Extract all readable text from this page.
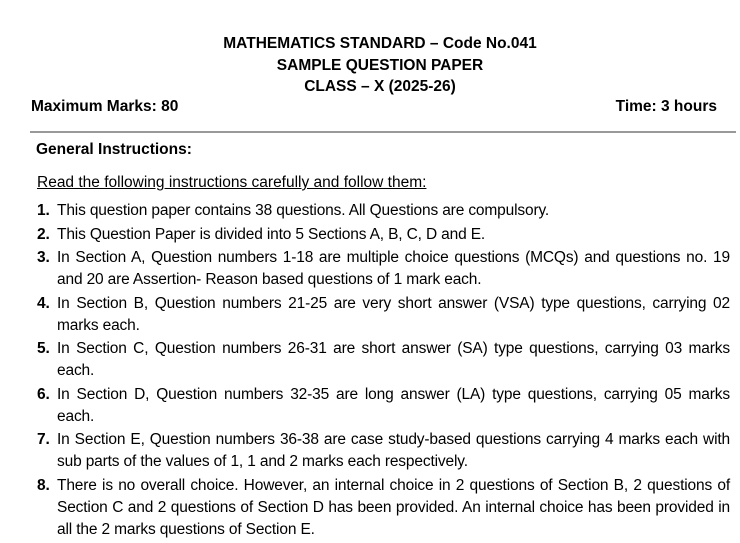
MATHEMATICS STANDARD – Code No.041
SAMPLE QUESTION PAPER
CLASS – X (2025-26)
Maximum Marks: 80	Time: 3 hours
General Instructions:
Read the following instructions carefully and follow them:
1. This question paper contains 38 questions. All Questions are compulsory.
2. This Question Paper is divided into 5 Sections A, B, C, D and E.
3. In Section A, Question numbers 1-18 are multiple choice questions (MCQs) and questions no. 19 and 20 are Assertion- Reason based questions of 1 mark each.
4. In Section B, Question numbers 21-25 are very short answer (VSA) type questions, carrying 02 marks each.
5. In Section C, Question numbers 26-31 are short answer (SA) type questions, carrying 03 marks each.
6. In Section D, Question numbers 32-35 are long answer (LA) type questions, carrying 05 marks each.
7. In Section E, Question numbers 36-38 are case study-based questions carrying 4 marks each with sub parts of the values of 1, 1 and 2 marks each respectively.
8. There is no overall choice. However, an internal choice in 2 questions of Section B, 2 questions of Section C and 2 questions of Section D has been provided. An internal choice has been provided in all the 2 marks questions of Section E.
